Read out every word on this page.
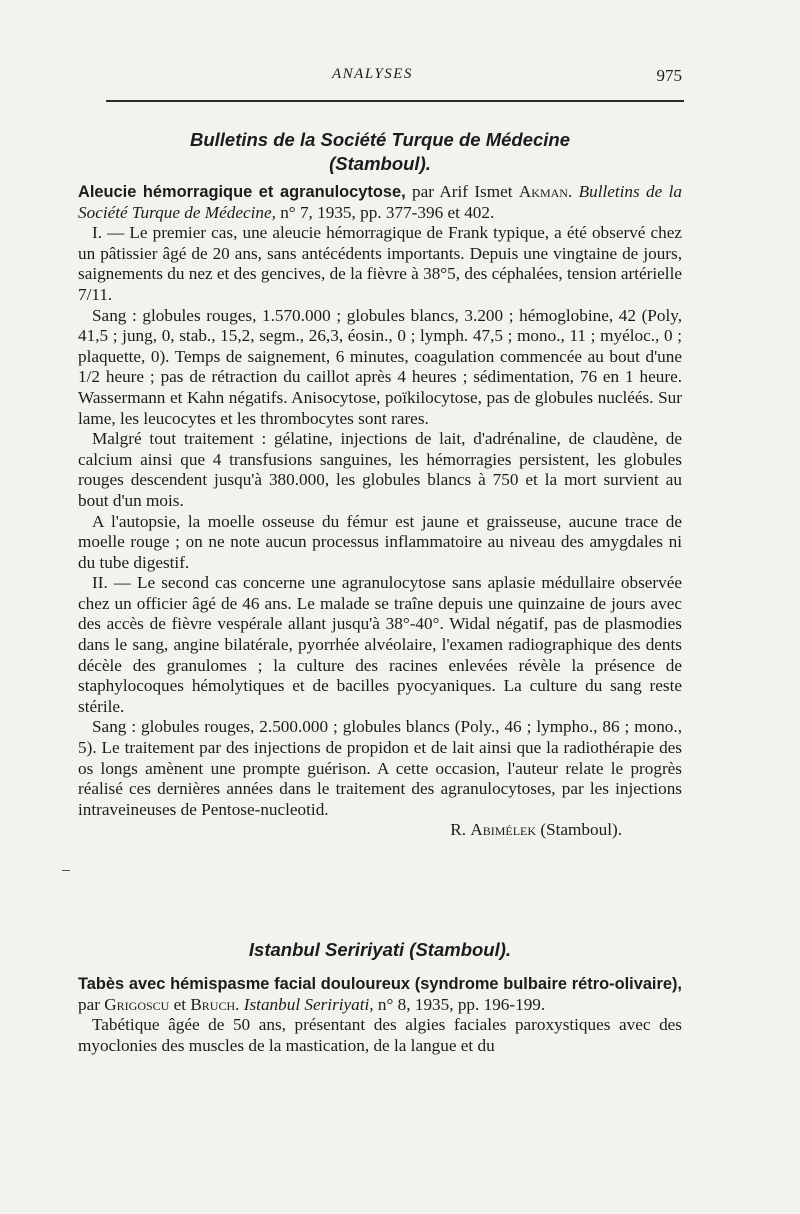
ANALYSES	975
Bulletins de la Société Turque de Médecine
(Stamboul).

Aleucie hémorragique et agranulocytose, par Arif Ismet Akman. Bulletins de la Société Turque de Médecine, n° 7, 1935, pp. 377-396 et 402.

I. — Le premier cas, une aleucie hémorragique de Frank typique, a été observé chez un pâtissier âgé de 20 ans, sans antécédents importants. Depuis une vingtaine de jours, saignements du nez et des gencives, de la fièvre à 38°5, des céphalées, tension artérielle 7/11.

Sang : globules rouges, 1.570.000 ; globules blancs, 3.200 ; hémoglobine, 42 (Poly, 41,5 ; jung, 0, stab., 15,2, segm., 26,3, éosin., 0 ; lymph. 47,5 ; mono., 11 ; myéloc., 0 ; plaquette, 0). Temps de saignement, 6 minutes, coagulation commencée au bout d'une 1/2 heure ; pas de rétraction du caillot après 4 heures ; sédimentation, 76 en 1 heure. Wassermann et Kahn négatifs. Anisocytose, poïkilocytose, pas de globules nucléés. Sur lame, les leucocytes et les thrombocytes sont rares.

Malgré tout traitement : gélatine, injections de lait, d'adrénaline, de claudène, de calcium ainsi que 4 transfusions sanguines, les hémorragies persistent, les globules rouges descendent jusqu'à 380.000, les globules blancs à 750 et la mort survient au bout d'un mois.

A l'autopsie, la moelle osseuse du fémur est jaune et graisseuse, aucune trace de moelle rouge ; on ne note aucun processus inflammatoire au niveau des amygdales ni du tube digestif.

II. — Le second cas concerne une agranulocytose sans aplasie médullaire observée chez un officier âgé de 46 ans. Le malade se traîne depuis une quinzaine de jours avec des accès de fièvre vespérale allant jusqu'à 38°-40°. Widal négatif, pas de plasmodies dans le sang, angine bilatérale, pyorrhée alvéolaire, l'examen radiographique des dents décèle des granulomes ; la culture des racines enlevées révèle la présence de staphylocoques hémolytiques et de bacilles pyocyaniques. La culture du sang reste stérile.

Sang : globules rouges, 2.500.000 ; globules blancs (Poly., 46 ; lympho., 86 ; mono., 5). Le traitement par des injections de propidon et de lait ainsi que la radiothérapie des os longs amènent une prompte guérison. A cette occasion, l'auteur relate le progrès réalisé ces dernières années dans le traitement des agranulocytoses, par les injections intraveineuses de Pentose-nucleotid.

R. Abimélek (Stamboul).

Istanbul Seririyati (Stamboul).

Tabès avec hémispasme facial douloureux (syndrome bulbaire rétro-olivaire), par Grigoscu et Bruch. Istanbul Seririyati, n° 8, 1935, pp. 196-199.

Tabétique âgée de 50 ans, présentant des algies faciales paroxystiques avec des myoclonies des muscles de la mastication, de la langue et du
